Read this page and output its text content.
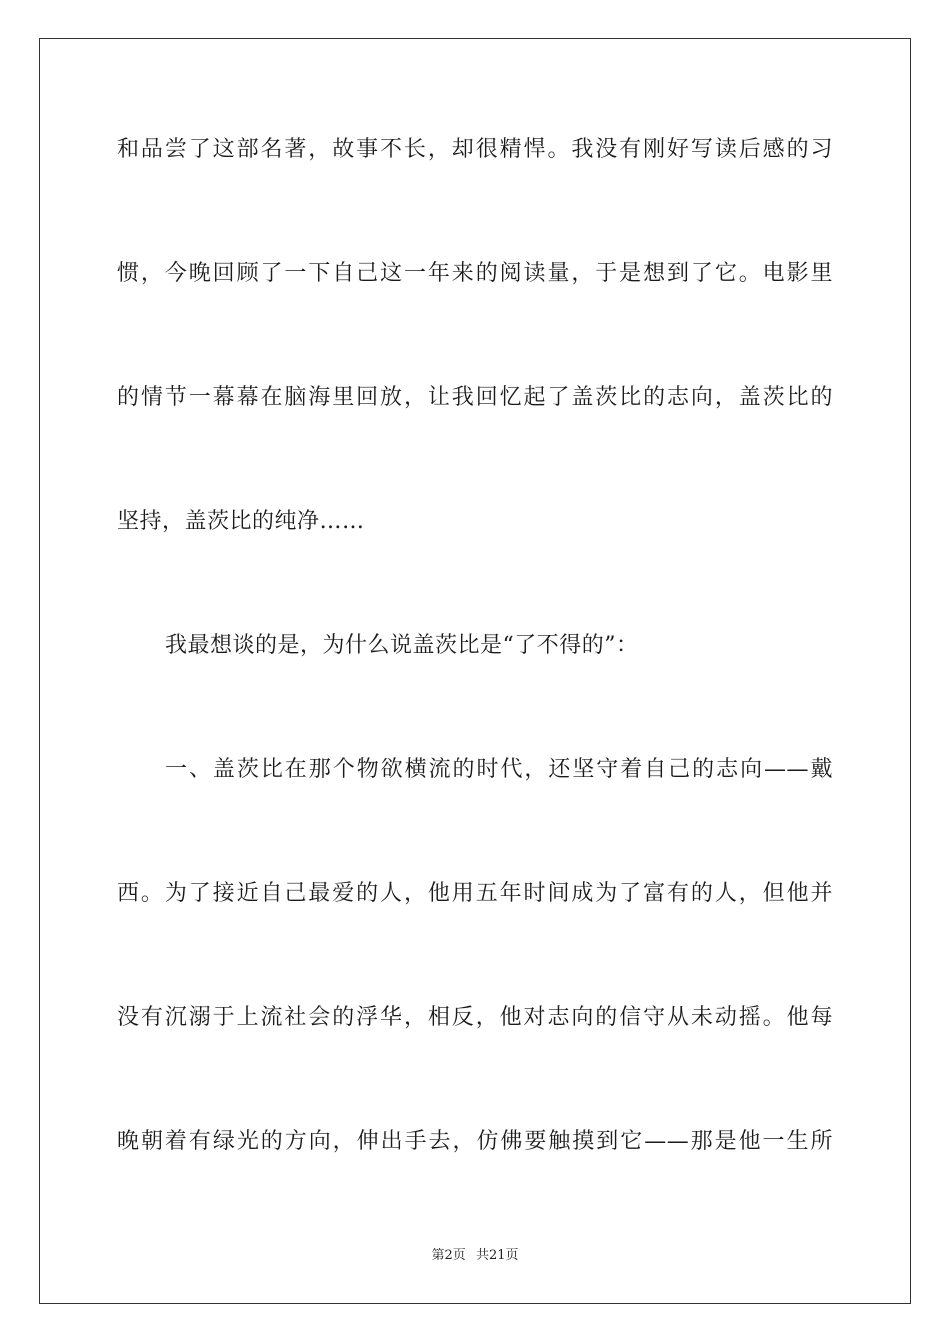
和品尝了这部名著，故事不长，却很精悍。我没有刚好写读后感的习
惯，今晚回顾了一下自己这一年来的阅读量，于是想到了它。电影里
的情节一幕幕在脑海里回放，让我回忆起了盖茨比的志向，盖茨比的
坚持，盖茨比的纯净……
我最想谈的是，为什么说盖茨比是“了不得的”：
一、盖茨比在那个物欲横流的时代，还坚守着自己的志向——戴
西。为了接近自己最爱的人，他用五年时间成为了富有的人，但他并
没有沉溺于上流社会的浮华，相反，他对志向的信守从未动摇。他每
晚朝着有绿光的方向，伸出手去，仿佛要触摸到它——那是他一生所
第2页 共21页
